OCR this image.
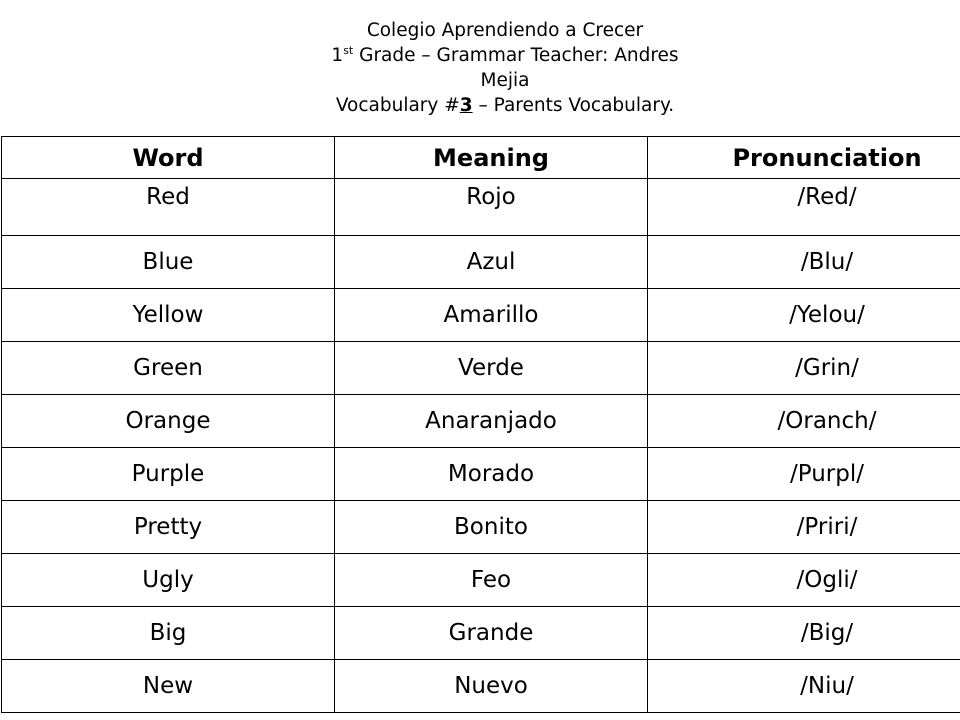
Colegio Aprendiendo a Crecer
1st Grade – Grammar Teacher: Andres
Mejia
Vocabulary #3 – Parents Vocabulary.
Word	Meaning	Pronunciation
Red	Rojo	/Red/
Blue	Azul	/Blu/
Yellow	Amarillo	/Yelou/
Green	Verde	/Grin/
Orange	Anaranjado	/Oranch/
Purple	Morado	/Purpl/
Pretty	Bonito	/Priri/
Ugly	Feo	/Ogli/
Big	Grande	/Big/
New	Nuevo	/Niu/
